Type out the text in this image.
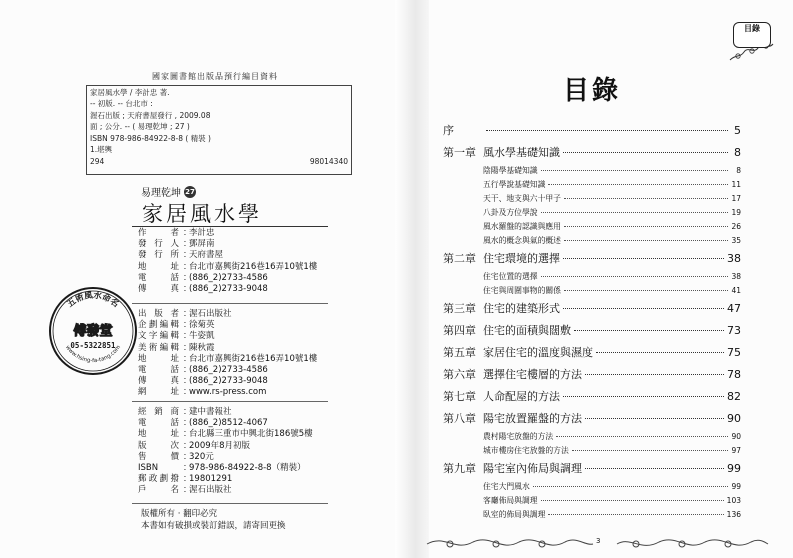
國家圖書館出版品預行編目資料
家居風水學 / 李計忠 著.
-- 初版. -- 台北市 :
渥石出版 ; 天府書屋發行 , 2009.08
面 ; 公分. -- ( 易理乾坤 ; 27 )
ISBN 978-986-84922-8-8 ( 精裝 )
1.堪輿
294	98014340
易理乾坤 27
家居風水學
作　　者 ：
李計忠
發 行 人 ：
鄧屏南
發 行 所 ：
天府書屋
地　　址 ：
台北市嘉興街216巷16弄10號1樓
電　　話 ：
(886_2)2733-4586
傳　　真 ：
(886_2)2733-9048
出 版 者 ：
渥石出版社
企劃編輯 ：
徐菊英
文字編輯 ：
牛姿凱
美術編輯 ：
陳秋霞
地　　址 ：
台北市嘉興街216巷16弄10號1樓
電　　話 ：
(886_2)2733-4586
傳　　真 ：
(886_2)2733-9048
網　　址 ：
www.rs-press.com
經 銷 商 ：
建中書報社
電　　話 ：
(886_2)8512-4067
地　　址 ：
台北縣三重市中興北街186號5樓
版　　次 ：
2009年8月初版
售　　價 ：
320元
ISBN	：
978-986-84922-8-8（精裝）
郵政劃撥 ：
19801291
戶　　名 ：
渥石出版社
版權所有 ‧ 翻印必究
本書如有破損或裝訂錯誤，請寄回更換
五術風水命名
傅發堂
05-5322851
www.hsing-fa-tang.com
目錄
目錄
序	5
第一章 風水學基礎知識	8
陰陽學基礎知識	8
五行學說基礎知識	11
天干、地支與六十甲子	17
八卦及方位學說	19
風水羅盤的認識與應用	26
風水的概念與氣的概述	35
第二章 住宅環境的選擇	38
住宅位置的選擇	38
住宅與周圍事物的關係	41
第三章 住宅的建築形式	47
第四章 住宅的面積與闊敷	73
第五章 家居住宅的溫度與濕度	75
第六章 選擇住宅樓層的方法	78
第七章 人命配屋的方法	82
第八章 陽宅放置羅盤的方法	90
農村陽宅放盤的方法	90
城市樓房住宅放盤的方法	97
第九章 陽宅室內佈局與調理	99
住宅大門風水	99
客廳佈局與調理	103
臥室的佈局與調理	136
3
